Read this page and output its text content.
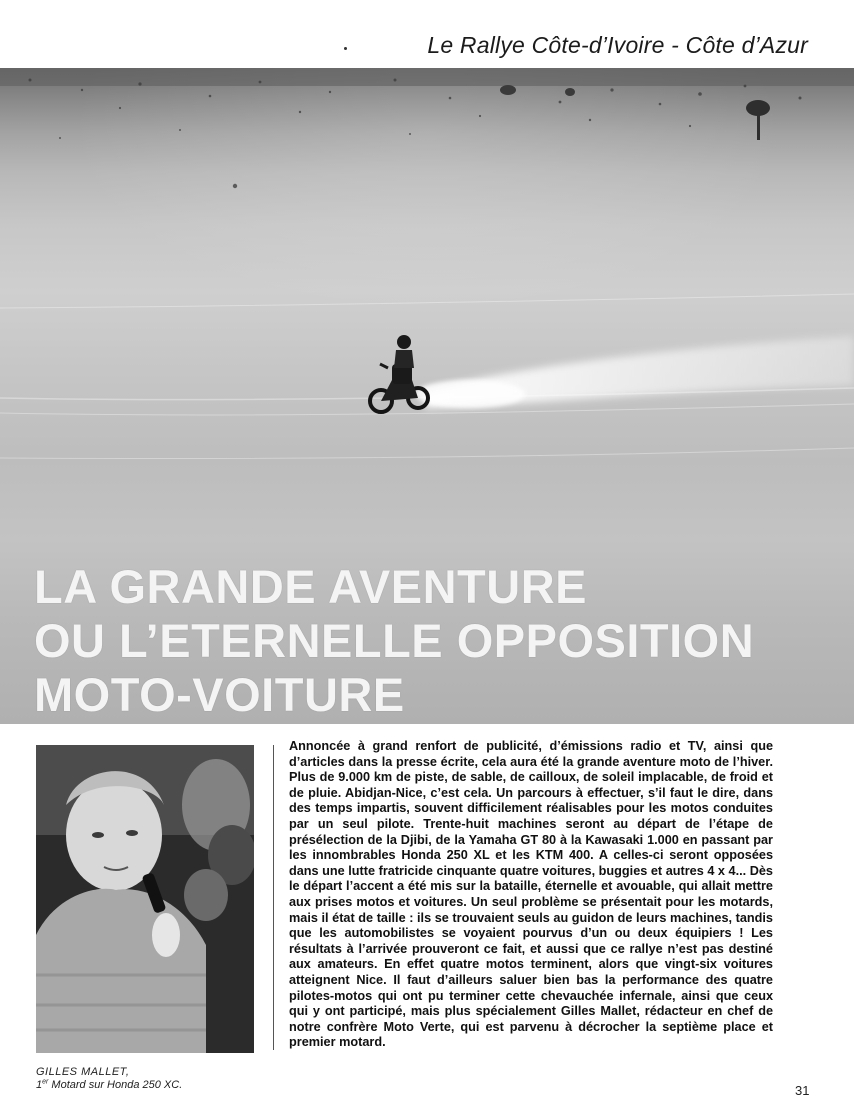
Le Rallye Côte-d’Ivoire - Côte d’Azur
LA GRANDE AVENTURE
OU L’ETERNELLE OPPOSITION
MOTO-VOITURE
GILLES MALLET,
1er Motard sur Honda 250 XC.

Annoncée à grand renfort de publicité, d’émissions radio et TV, ainsi que d’articles dans la presse écrite, cela aura été la grande aventure moto de l’hiver. Plus de 9.000 km de piste, de sable, de cailloux, de soleil implacable, de froid et de pluie. Abidjan-Nice, c’est cela. Un parcours à effectuer, s’il faut le dire, dans des temps impartis, souvent difficilement réalisables pour les motos conduites par un seul pilote. Trente-huit machines seront au départ de l’étape de présélection de la Djibi, de la Yamaha GT 80 à la Kawasaki 1.000 en passant par les innombrables Honda 250 XL et les KTM 400. A celles-ci seront opposées dans une lutte fratricide cinquante quatre voitures, buggies et autres 4 x 4... Dès le départ l’accent a été mis sur la bataille, éternelle et avouable, qui allait mettre aux prises motos et voitures. Un seul problème se présentait pour les motards, mais il état de taille : ils se trouvaient seuls au guidon de leurs machines, tandis que les automobilistes se voyaient pourvus d’un ou deux équipiers ! Les résultats à l’arrivée prouveront ce fait, et aussi que ce rallye n’est pas destiné aux amateurs. En effet quatre motos terminent, alors que vingt-six voitures atteignent Nice. Il faut d’ailleurs saluer bien bas la performance des quatre pilotes-motos qui ont pu terminer cette chevauchée infernale, ainsi que ceux qui y ont participé, mais plus spécialement Gilles Mallet, rédacteur en chef de notre confrère Moto Verte, qui est parvenu à décrocher la septième place et premier motard.

31
